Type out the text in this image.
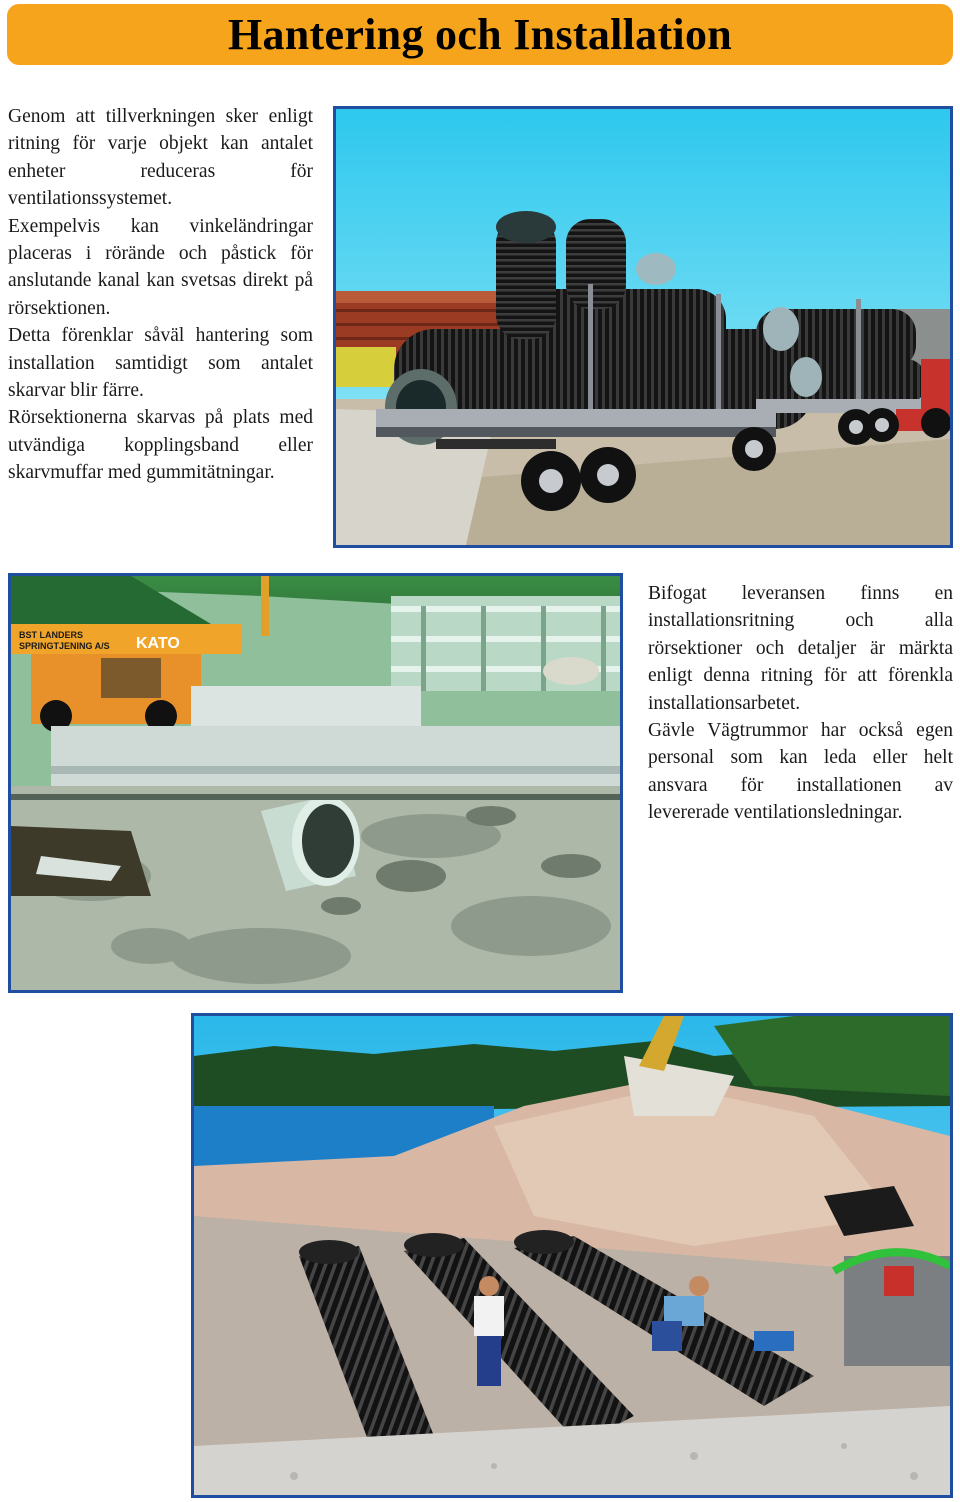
Hantering och Installation

Genom att tillverkningen sker enligt ritning för varje objekt kan antalet enheter reduceras för ventilationssystemet.

Exempelvis kan vinkeländringar placeras i rörände och påstick för anslutande kanal kan svetsas direkt på rörsektionen.

Detta förenklar såväl hantering som installation samtidigt som antalet skarvar blir färre.

Rörsektionerna skarvas på plats med utvändiga kopplingsband eller skarvmuffar med gummitätningar.

BST LANDERS
SPRINGTJENING A/S KATO

Bifogat leveransen finns en installationsritning och alla rörsektioner och detaljer är märkta enligt denna ritning för att förenkla installationsarbetet.

Gävle Vägtrummor har också egen personal som kan leda eller helt ansvara för installationen av levererade ventilationsledningar.
